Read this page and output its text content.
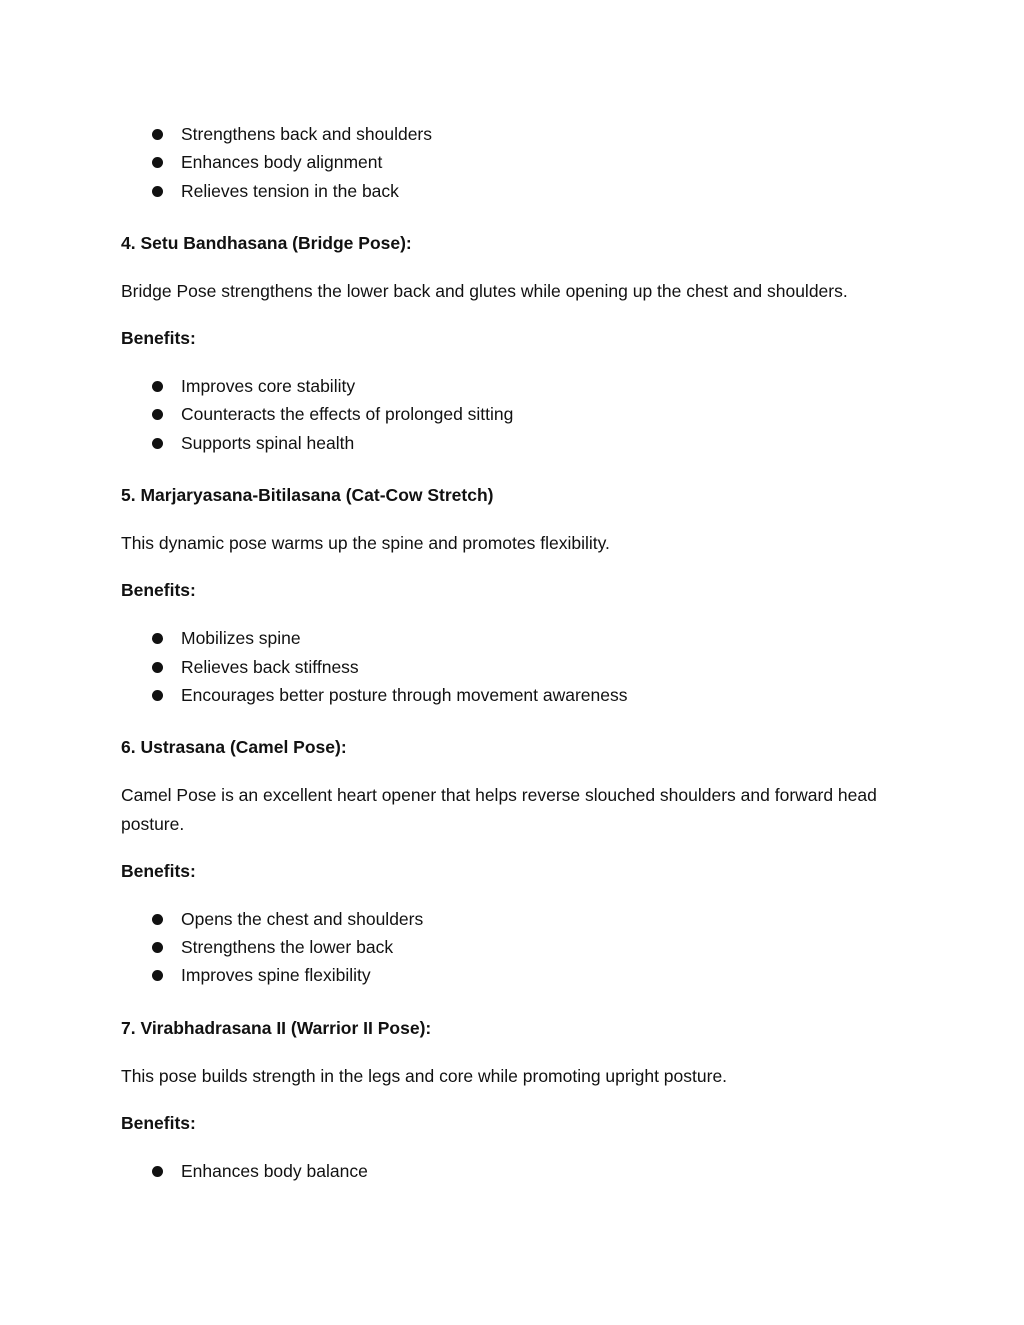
Strengthens back and shoulders
Enhances body alignment
Relieves tension in the back

4. Setu Bandhasana (Bridge Pose):

Bridge Pose strengthens the lower back and glutes while opening up the chest and shoulders.

Benefits:

Improves core stability
Counteracts the effects of prolonged sitting
Supports spinal health

5. Marjaryasana-Bitilasana (Cat-Cow Stretch)

This dynamic pose warms up the spine and promotes flexibility.

Benefits:

Mobilizes spine
Relieves back stiffness
Encourages better posture through movement awareness

6. Ustrasana (Camel Pose):

Camel Pose is an excellent heart opener that helps reverse slouched shoulders and forward head posture.

Benefits:

Opens the chest and shoulders
Strengthens the lower back
Improves spine flexibility

7. Virabhadrasana II (Warrior II Pose):

This pose builds strength in the legs and core while promoting upright posture.

Benefits:

Enhances body balance
